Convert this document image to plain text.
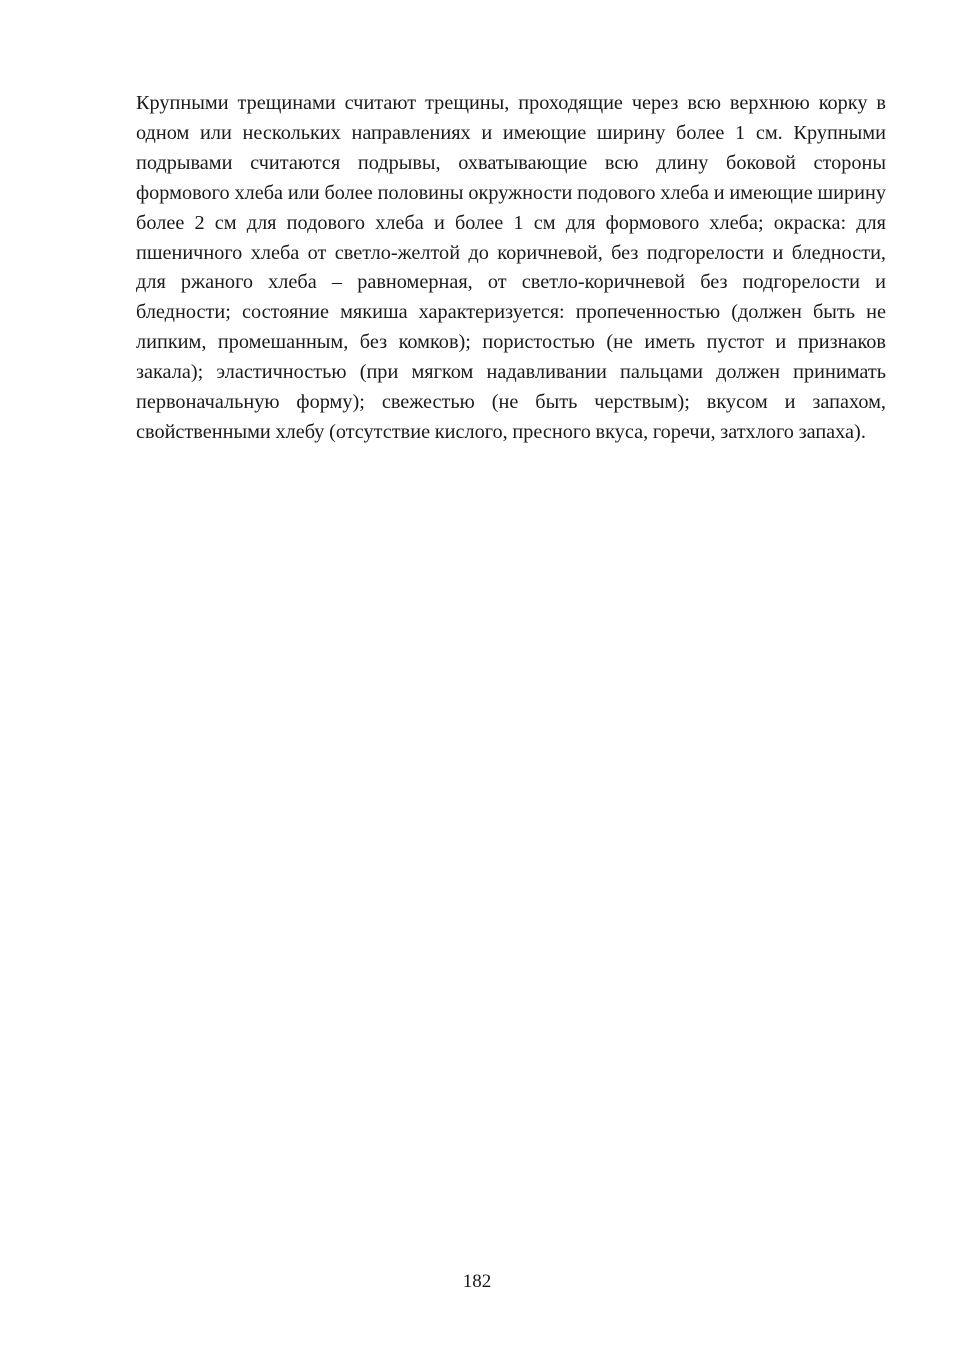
Крупными трещинами считают трещины, проходящие через всю верхнюю корку в одном или нескольких направлениях и имеющие ширину более 1 см. Крупными подрывами считаются подрывы, охватывающие всю длину боковой стороны формового хлеба или более половины окружности подового хлеба и имеющие ширину более 2 см для подового хлеба и более 1 см для формового хлеба; окраска: для пшеничного хлеба от светло-желтой до коричневой, без подгорелости и бледности, для ржаного хлеба – равномерная, от светло-коричневой без подгорелости и бледности; состояние мякиша характеризуется: пропеченностью (должен быть не липким, промешанным, без комков); пористостью (не иметь пустот и признаков закала); эластичностью (при мягком надавливании пальцами должен принимать первоначальную форму); свежестью (не быть черствым); вкусом и запахом, свойственными хлебу (отсутствие кислого, пресного вкуса, горечи, затхлого запаха).

182
